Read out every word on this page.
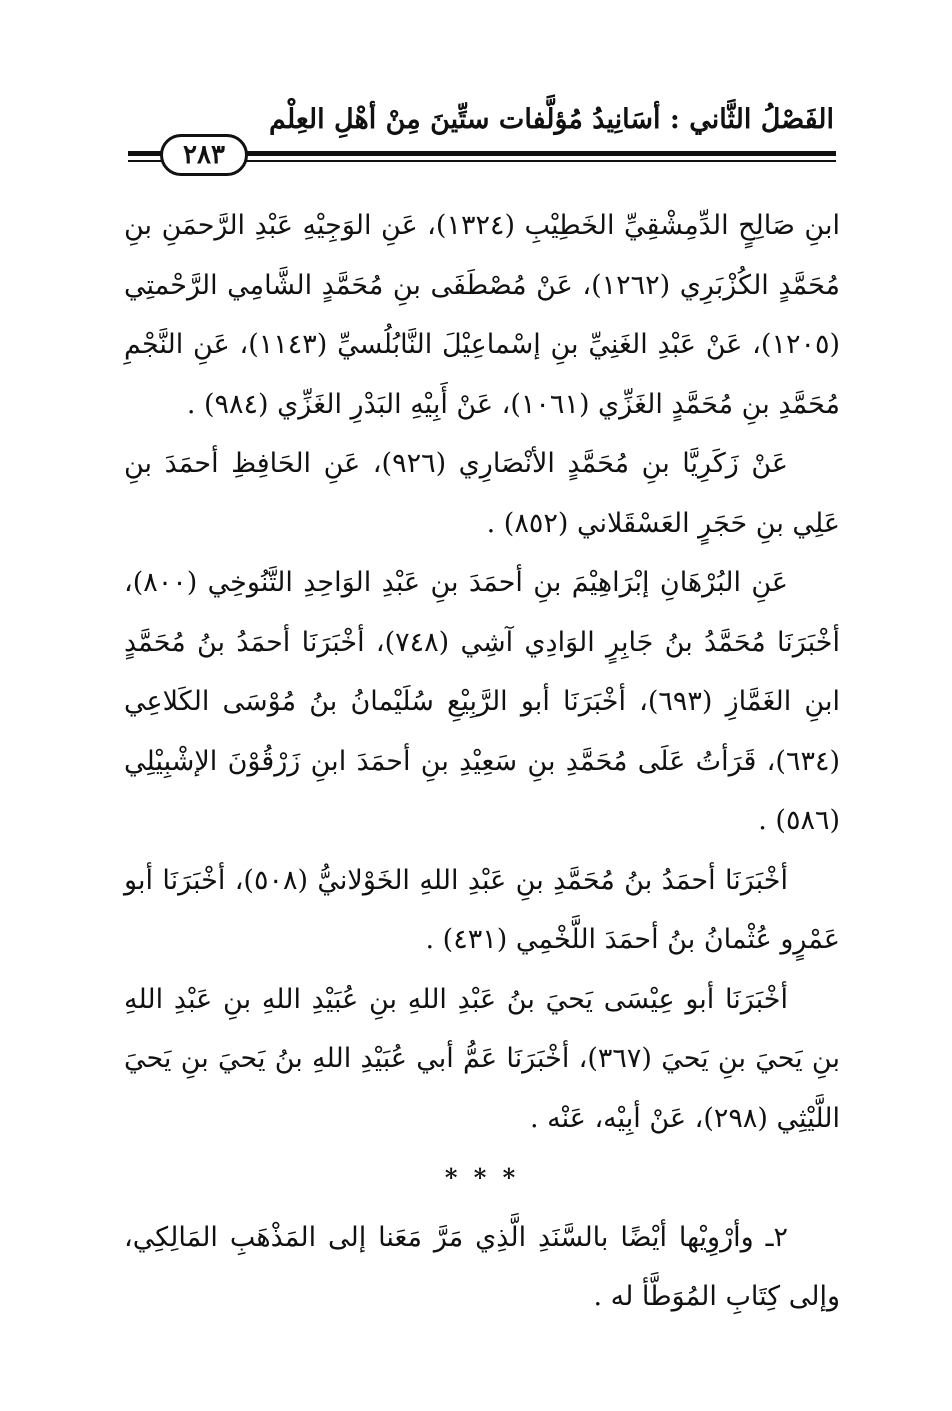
الفَصْلُ الثَّاني : أسَانِيدُ مُؤلَّفات ستِّينَ مِنْ أهْلِ العِلْم
٢٨٣

ابنِ صَالِحٍ الدِّمِشْقِيِّ الخَطِيْبِ (١٣٢٤)، عَنِ الوَجِيْهِ عَبْدِ الرَّحمَنِ بنِ مُحَمَّدٍ الكُزْبَرِي (١٢٦٢)، عَنْ مُصْطَفَى بنِ مُحَمَّدٍ الشَّامِي الرَّحْمتِي (١٢٠٥)، عَنْ عَبْدِ الغَنِيِّ بنِ إسْماعِيْلَ النَّابُلُسيِّ (١١٤٣)، عَنِ النَّجْمِ مُحَمَّدِ بنِ مُحَمَّدٍ الغَزِّي (١٠٦١)، عَنْ أَبِيْهِ البَدْرِ الغَزِّي (٩٨٤) .

عَنْ زَكَرِيَّا بنِ مُحَمَّدٍ الأنْصَارِي (٩٢٦)، عَنِ الحَافِظِ أحمَدَ بنِ عَلِي بنِ حَجَرٍ العَسْقَلاني (٨٥٢) .

عَنِ البُرْهَانِ إبْرَاهِيْمَ بنِ أحمَدَ بنِ عَبْدِ الوَاحِدِ التَّنُوخِي (٨٠٠)، أخْبَرَنَا مُحَمَّدُ بنُ جَابِرٍ الوَادِي آشِي (٧٤٨)، أخْبَرَنَا أحمَدُ بنُ مُحَمَّدٍ ابنِ الغَمَّازِ (٦٩٣)، أخْبَرَنَا أبو الرَّبِيْعِ سُلَيْمانُ بنُ مُوْسَى الكَلاعِي (٦٣٤)، قَرَأتُ عَلَى مُحَمَّدِ بنِ سَعِيْدِ بنِ أحمَدَ ابنِ زَرْقُوْنَ الإشْبِيْلِي (٥٨٦) .

أخْبَرَنَا أحمَدُ بنُ مُحَمَّدِ بنِ عَبْدِ اللهِ الخَوْلانيُّ (٥٠٨)، أخْبَرَنَا أبو عَمْرٍو عُثْمانُ بنُ أحمَدَ اللَّخْمِي (٤٣١) .

أخْبَرَنَا أبو عِيْسَى يَحيَ بنُ عَبْدِ اللهِ بنِ عُبَيْدِ اللهِ بنِ عَبْدِ اللهِ بنِ يَحيَ بنِ يَحيَ (٣٦٧)، أخْبَرَنَا عَمُّ أبي عُبَيْدِ اللهِ بنُ يَحيَ بنِ يَحيَ اللَّيْثِي (٢٩٨)، عَنْ أبِيْه، عَنْه .

* * *

٢ـ وأرْوِيْها أيْضًا بالسَّنَدِ الَّذِي مَرَّ مَعَنا إلى المَذْهَبِ المَالِكِي، وإلى كِتَابِ المُوَطَّأ له .
